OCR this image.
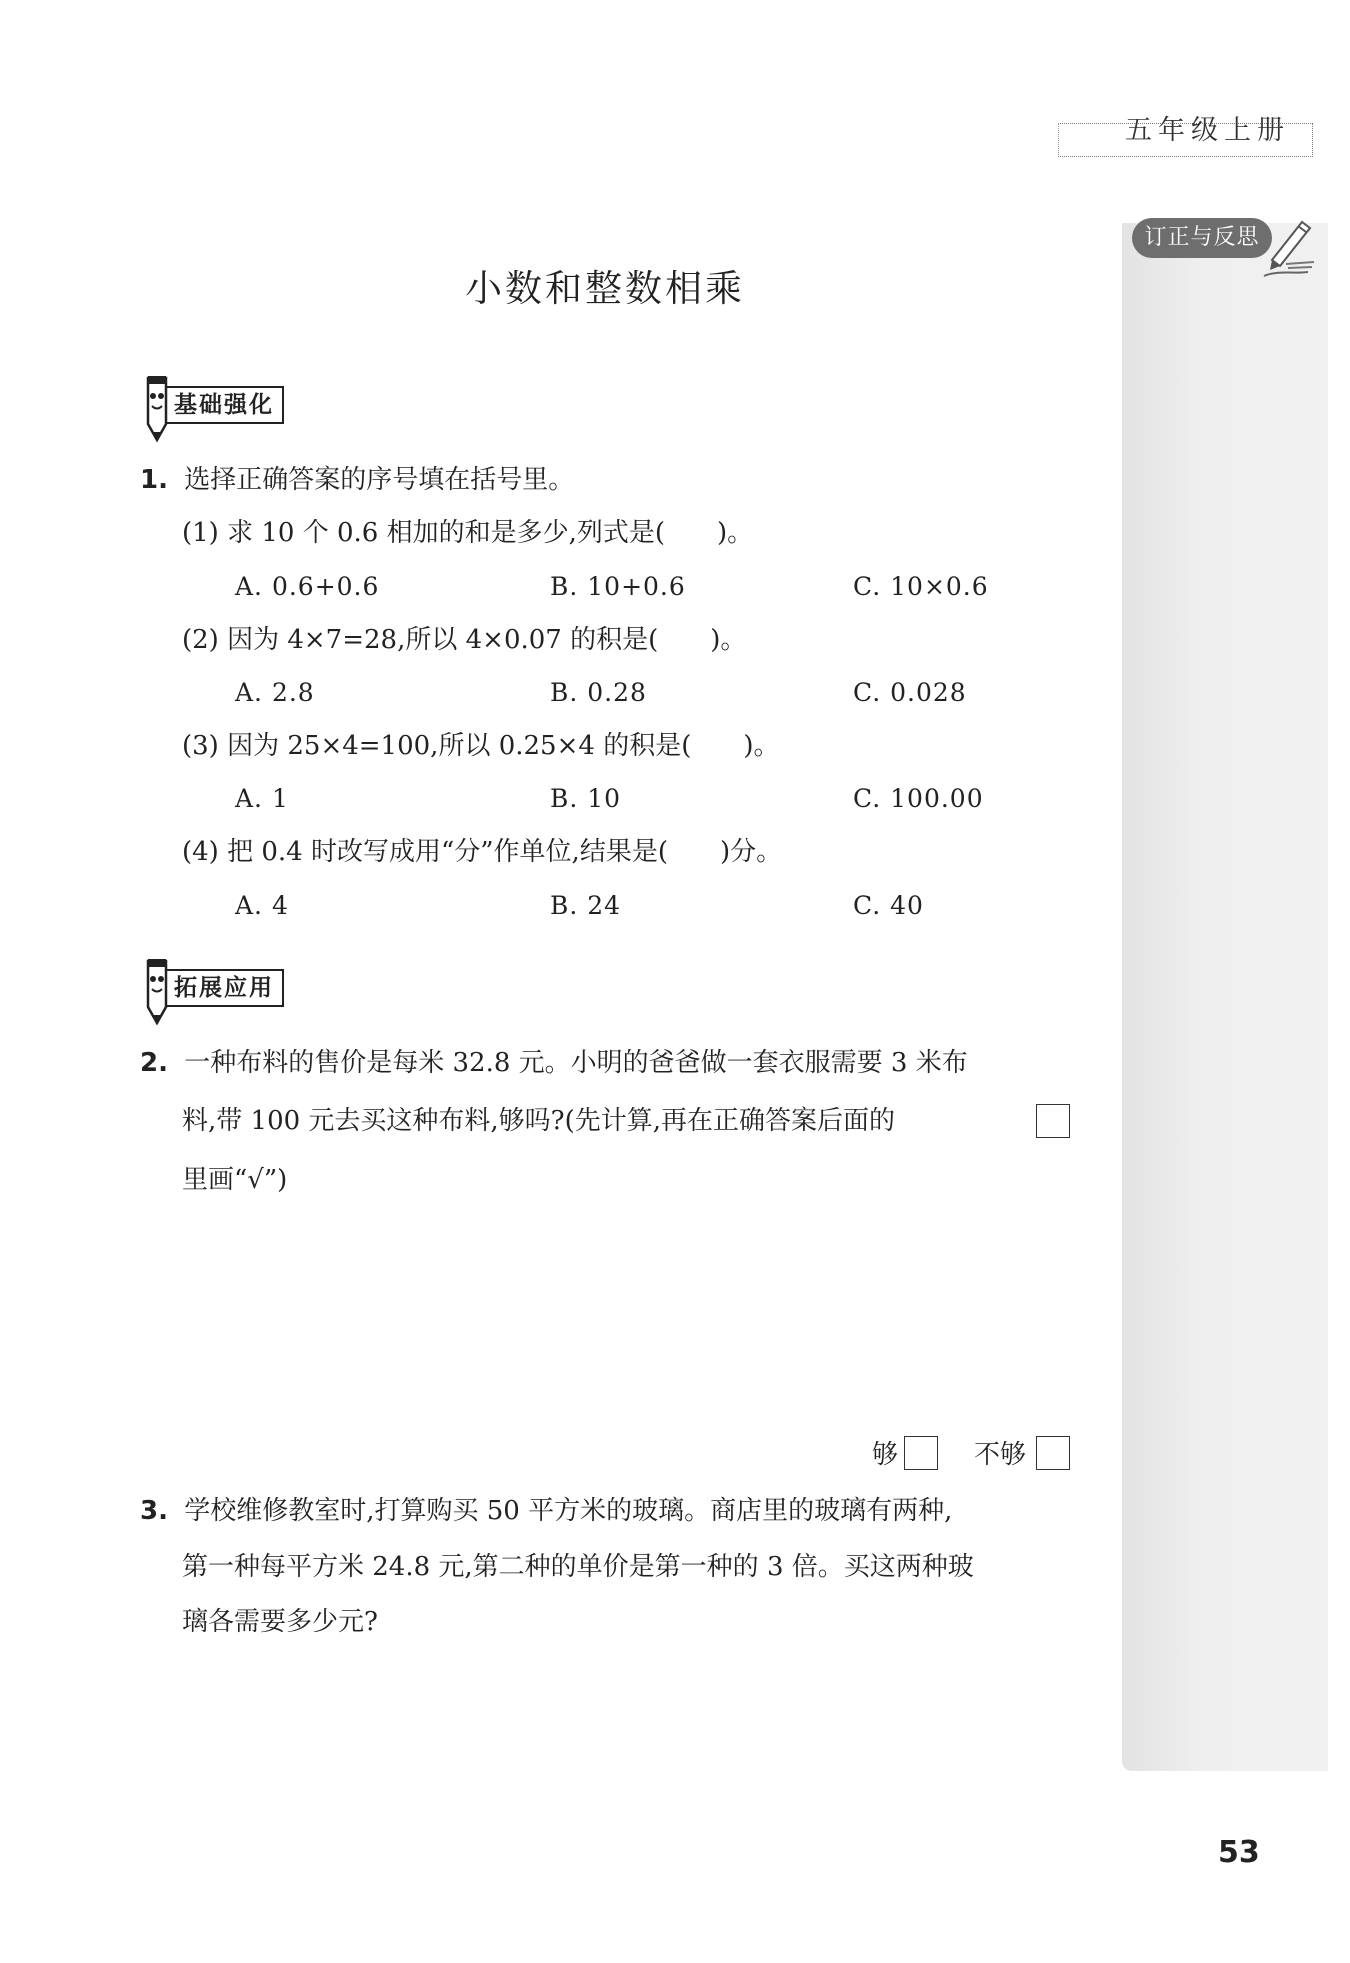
五年级上册
订正与反思
小数和整数相乘
基础强化
1. 选择正确答案的序号填在括号里。
(1) 求 10 个 0.6 相加的和是多少,列式是(　　)。
A. 0.6+0.6	B. 10+0.6	C. 10×0.6
(2) 因为 4×7=28,所以 4×0.07 的积是(　　)。
A. 2.8	B. 0.28	C. 0.028
(3) 因为 25×4=100,所以 0.25×4 的积是(　　)。
A. 1	B. 10	C. 100.00
(4) 把 0.4 时改写成用“分”作单位,结果是(　　)分。
A. 4	B. 24	C. 40
拓展应用
2. 一种布料的售价是每米 32.8 元。小明的爸爸做一套衣服需要 3 米布
料,带 100 元去买这种布料,够吗?(先计算,再在正确答案后面的
里画“√”)
够	不够
3. 学校维修教室时,打算购买 50 平方米的玻璃。商店里的玻璃有两种,
第一种每平方米 24.8 元,第二种的单价是第一种的 3 倍。买这两种玻
璃各需要多少元?
53
